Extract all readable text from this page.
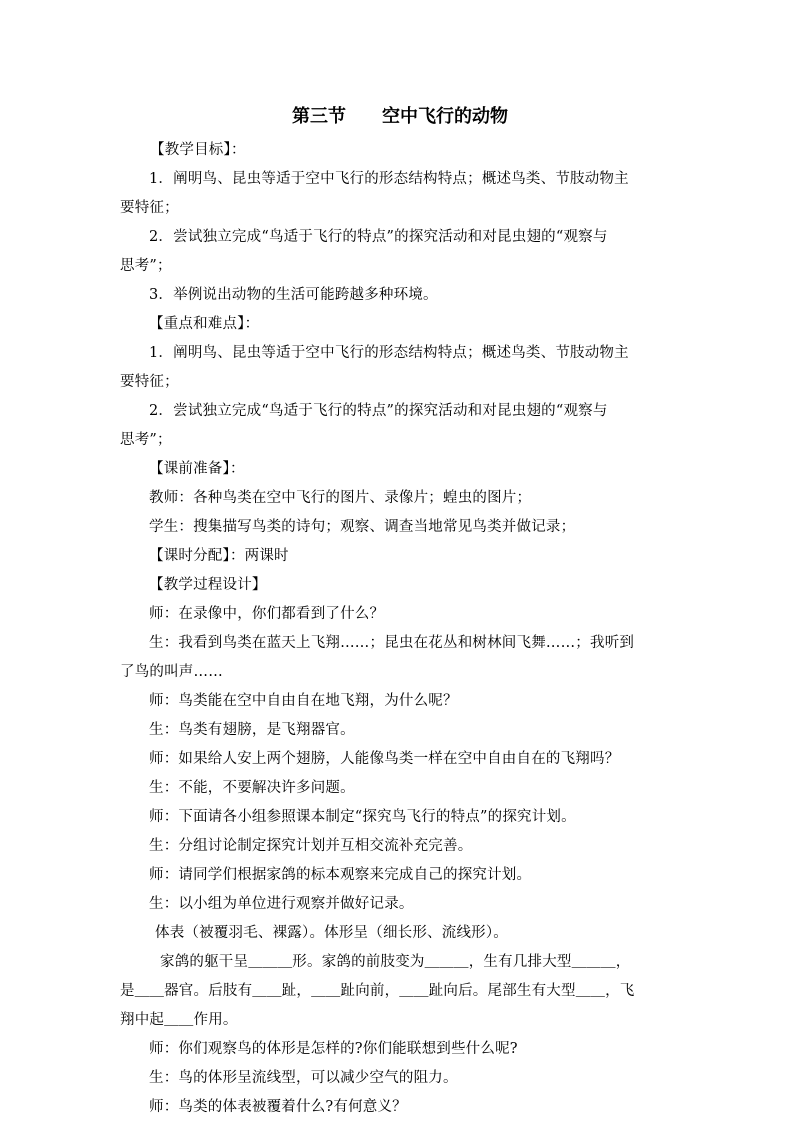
第三节　　空中飞行的动物

【教学目标】：

1．阐明鸟、昆虫等适于空中飞行的形态结构特点；概述鸟类、节肢动物主

要特征；

2．尝试独立完成“鸟适于飞行的特点”的探究活动和对昆虫翅的“观察与

思考”；

3．举例说出动物的生活可能跨越多种环境。

【重点和难点】：

1．阐明鸟、昆虫等适于空中飞行的形态结构特点；概述鸟类、节肢动物主

要特征；

2．尝试独立完成“鸟适于飞行的特点”的探究活动和对昆虫翅的“观察与

思考”；

【课前准备】：

教师：各种鸟类在空中飞行的图片、录像片；蝗虫的图片；

学生：搜集描写鸟类的诗句；观察、调查当地常见鸟类并做记录；

【课时分配】：两课时

【教学过程设计】

师：在录像中，你们都看到了什么？

生：我看到鸟类在蓝天上飞翔……；昆虫在花丛和树林间飞舞……；我听到

了鸟的叫声……

师：鸟类能在空中自由自在地飞翔，为什么呢？

生：鸟类有翅膀，是飞翔器官。

师：如果给人安上两个翅膀，人能像鸟类一样在空中自由自在的飞翔吗？

生：不能，不要解决许多问题。

师：下面请各小组参照课本制定“探究鸟飞行的特点”的探究计划。

生：分组讨论制定探究计划并互相交流补充完善。

师：请同学们根据家鸽的标本观察来完成自己的探究计划。

生：以小组为单位进行观察并做好记录。

体表（被覆羽毛、裸露）。体形呈（细长形、流线形）。

家鸽的躯干呈＿＿＿形。家鸽的前肢变为＿＿＿，生有几排大型＿＿＿，

是＿＿器官。后肢有＿＿趾，＿＿趾向前，＿＿趾向后。尾部生有大型＿＿，飞

翔中起＿＿作用。

师：你们观察鸟的体形是怎样的?你们能联想到些什么呢?

生：鸟的体形呈流线型，可以减少空气的阻力。

师：鸟类的体表被覆着什么?有何意义？
